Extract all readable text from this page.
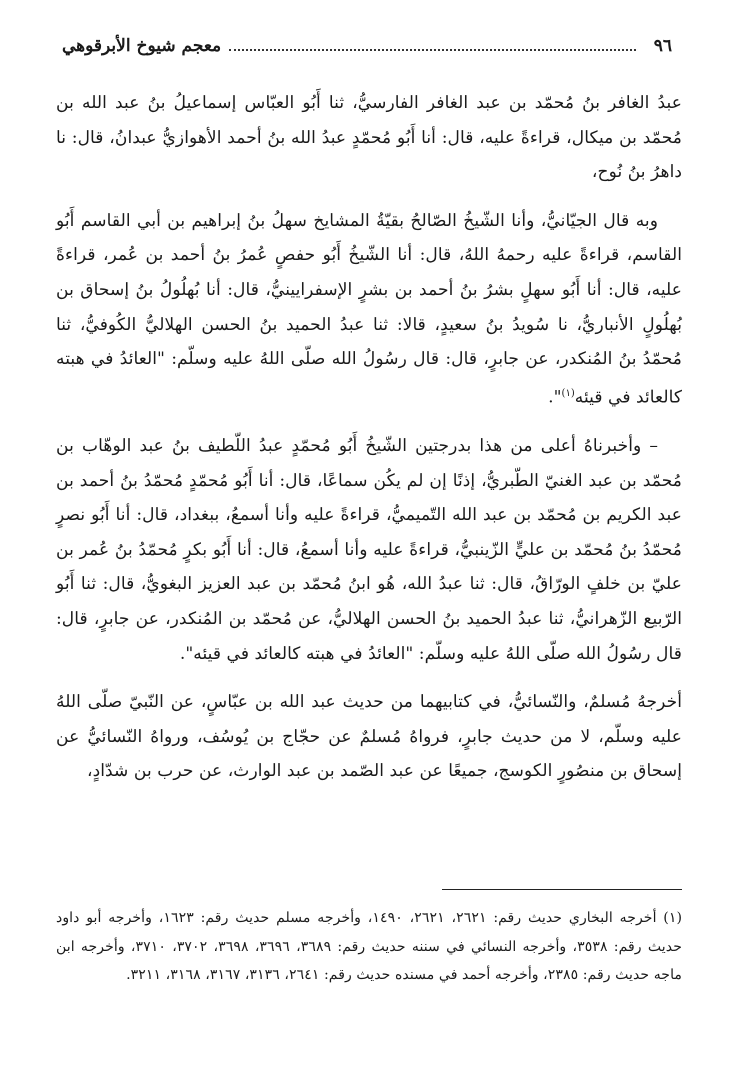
٩٦
معجم شيوخ الأبرقوهي

عبدُ الغافر بنُ مُحمّد بن عبد الغافر الفارسيُّ، ثنا أَبُو العبّاس إسماعيلُ بنُ عبد الله بن مُحمّد بن ميكال، قراءةً عليه، قال: أنا أَبُو مُحمّدٍ عبدُ الله بنُ أحمد الأهوازيُّ عبدانُ، قال: نا داهرُ بنُ نُوح،

وبه قال الجيّانيُّ، وأنا الشّيخُ الصّالحُ بقيّةُ المشايخ سهلُ بنُ إبراهيم بن أبي القاسم أَبُو القاسم، قراءةً عليه رحمهُ اللهُ، قال: أنا الشّيخُ أَبُو حفصٍ عُمرُ بنُ أحمد بن عُمر، قراءةً عليه، قال: أنا أَبُو سهلٍ بشرُ بنُ أحمد بن بشرٍ الإسفرايينيُّ، قال: أنا بُهلُولُ بنُ إسحاق بن بُهلُولٍ الأنباريُّ، نا سُويدُ بنُ سعيدٍ، قالا: ثنا عبدُ الحميد بنُ الحسن الهلاليُّ الكُوفيُّ، ثنا مُحمّدُ بنُ المُنكدر، عن جابرٍ، قال: قال رسُولُ الله صلّى اللهُ عليه وسلّم: "العائدُ في هبته كالعائد في قيئه$^{(١)}$".

– وأخبرناهُ أعلى من هذا بدرجتين الشّيخُ أَبُو مُحمّدٍ عبدُ اللّطيف بنُ عبد الوهّاب بن مُحمّد بن عبد الغنيّ الطّبريُّ، إذنًا إن لم يكُن سماعًا، قال: أنا أَبُو مُحمّدٍ مُحمّدُ بنُ أحمد بن عبد الكريم بن مُحمّد بن عبد الله التّميميُّ، قراءةً عليه وأنا أسمعُ، ببغداد، قال: أنا أَبُو نصرٍ مُحمّدُ بنُ مُحمّد بن عليٍّ الزّينبيُّ، قراءةً عليه وأنا أسمعُ، قال: أنا أَبُو بكرٍ مُحمّدُ بنُ عُمر بن عليّ بن خلفٍ الورّاقُ، قال: ثنا عبدُ الله، هُو ابنُ مُحمّد بن عبد العزيز البغويُّ، قال: ثنا أَبُو الرّبيع الزّهرانيُّ، ثنا عبدُ الحميد بنُ الحسن الهلاليُّ، عن مُحمّد بن المُنكدر، عن جابرٍ، قال: قال رسُولُ الله صلّى اللهُ عليه وسلّم: "العائدُ في هبته كالعائد في قيئه".

أخرجهُ مُسلمٌ، والنّسائيُّ، في كتابيهما من حديث عبد الله بن عبّاسٍ، عن النّبيّ صلّى اللهُ عليه وسلّم، لا من حديث جابرٍ، فرواهُ مُسلمٌ عن حجّاج بن يُوسُف، ورواهُ النّسائيُّ عن إسحاق بن منصُورٍ الكوسج، جميعًا عن عبد الصّمد بن عبد الوارث، عن حرب بن شدّادٍ،

(١) أخرجه البخاري حديث رقم: ٢٦٢١، ٢٦٢١، ١٤٩٠، وأخرجه مسلم حديث رقم: ١٦٢٣، وأخرجه أبو داود حديث رقم: ٣٥٣٨، وأخرجه النسائي في سننه حديث رقم: ٣٦٨٩، ٣٦٩٦، ٣٦٩٨، ٣٧٠٢، ٣٧١٠، وأخرجه ابن ماجه حديث رقم: ٢٣٨٥، وأخرجه أحمد في مسنده حديث رقم: ٢٦٤١، ٣١٣٦، ٣١٦٧، ٣١٦٨، ٣٢١١.
